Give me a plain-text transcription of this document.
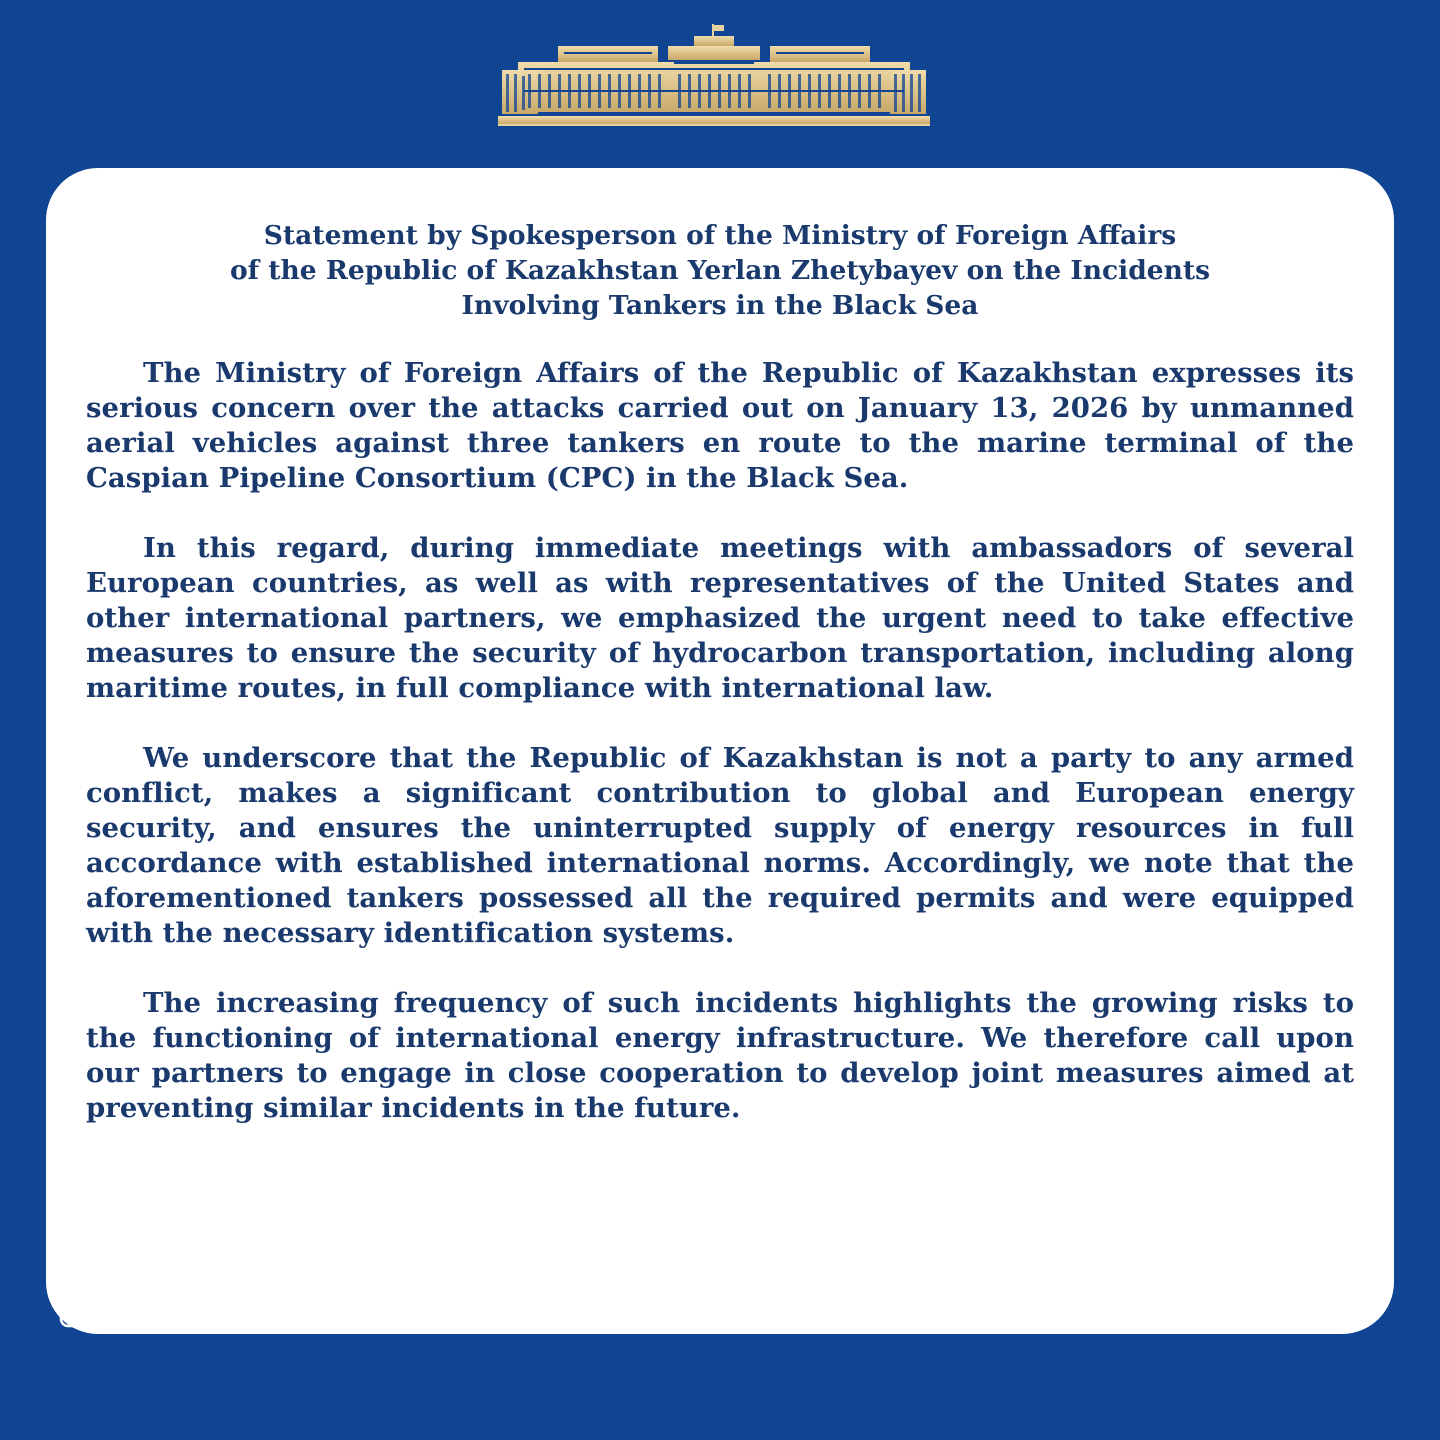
Statement by Spokesperson of the Ministry of Foreign Affairs
of the Republic of Kazakhstan Yerlan Zhetybayev on the Incidents
Involving Tankers in the Black Sea

The Ministry of Foreign Affairs of the Republic of Kazakhstan expresses its serious concern over the attacks carried out on January 13, 2026 by unmanned aerial vehicles against three tankers en route to the marine terminal of the Caspian Pipeline Consortium (CPC) in the Black Sea.

In this regard, during immediate meetings with ambassadors of several European countries, as well as with representatives of the United States and other international partners, we emphasized the urgent need to take effective measures to ensure the security of hydrocarbon transportation, including along maritime routes, in full compliance with international law.

We underscore that the Republic of Kazakhstan is not a party to any armed conflict, makes a significant contribution to global and European energy security, and ensures the uninterrupted supply of energy resources in full accordance with established international norms. Accordingly, we note that the aforementioned tankers possessed all the required permits and were equipped with the necessary identification systems.

The increasing frequency of such incidents highlights the growing risks to the functioning of international energy infrastructure. We therefore call upon our partners to engage in close cooperation to develop joint measures aimed at preventing similar incidents in the future.

@mfa_kz KazakhstanMFA @mfa_kz PressMFAKZ MFA Qazaqstan
